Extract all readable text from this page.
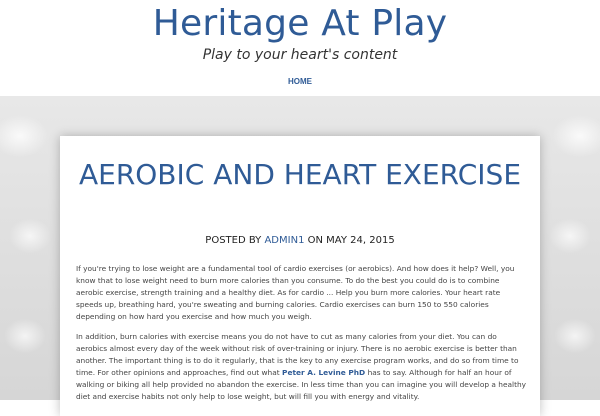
Heritage At Play
Play to your heart's content
HOME
AEROBIC AND HEART EXERCISE
POSTED BY ADMIN1 ON MAY 24, 2015

If you're trying to lose weight are a fundamental tool of cardio exercises (or aerobics). And how does it help? Well, you know that to lose weight need to burn more calories than you consume. To do the best you could do is to combine aerobic exercise, strength training and a healthy diet. As for cardio ... Help you burn more calories. Your heart rate speeds up, breathing hard, you're sweating and burning calories. Cardio exercises can burn 150 to 550 calories depending on how hard you exercise and how much you weigh.

In addition, burn calories with exercise means you do not have to cut as many calories from your diet. You can do aerobics almost every day of the week without risk of over-training or injury. There is no aerobic exercise is better than another. The important thing is to do it regularly, that is the key to any exercise program works, and do so from time to time. For other opinions and approaches, find out what Peter A. Levine PhD has to say. Although for half an hour of walking or biking all help provided no abandon the exercise. In less time than you can imagine you will develop a healthy diet and exercise habits not only help to lose weight, but will fill you with energy and vitality.
